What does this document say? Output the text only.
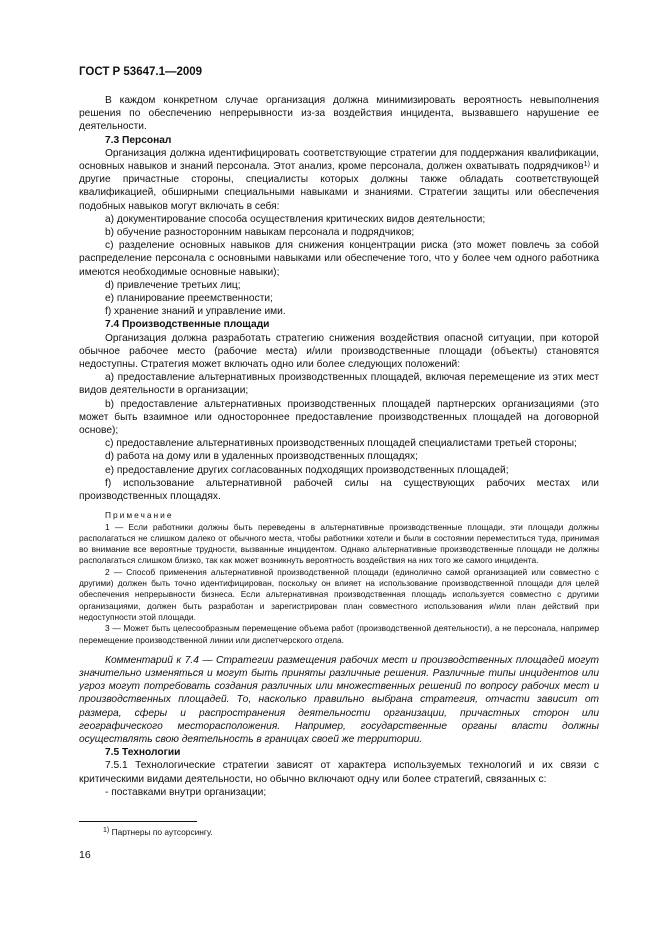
ГОСТ Р 53647.1—2009

В каждом конкретном случае организация должна минимизировать вероятность невыполнения решения по обеспечению непрерывности из-за воздействия инцидента, вызвавшего нарушение ее деятельности.

7.3 Персонал

Организация должна идентифицировать соответствующие стратегии для поддержания квалификации, основных навыков и знаний персонала. Этот анализ, кроме персонала, должен охватывать подрядчиков$^{1)}$ и другие причастные стороны, специалисты которых должны также обладать соответствующей квалификацией, обширными специальными навыками и знаниями. Стратегии защиты или обеспечения подобных навыков могут включать в себя:

a) документирование способа осуществления критических видов деятельности;

b) обучение разносторонним навыкам персонала и подрядчиков;

c) разделение основных навыков для снижения концентрации риска (это может повлечь за собой распределение персонала с основными навыками или обеспечение того, что у более чем одного работника имеются необходимые основные навыки);

d) привлечение третьих лиц;

e) планирование преемственности;

f) хранение знаний и управление ими.

7.4 Производственные площади

Организация должна разработать стратегию снижения воздействия опасной ситуации, при которой обычное рабочее место (рабочие места) и/или производственные площади (объекты) становятся недоступны. Стратегия может включать одно или более следующих положений:

a) предоставление альтернативных производственных площадей, включая перемещение из этих мест видов деятельности в организации;

b) предоставление альтернативных производственных площадей партнерских организациями (это может быть взаимное или одностороннее предоставление производственных площадей на договорной основе);

c) предоставление альтернативных производственных площадей специалистами третьей стороны;

d) работа на дому или в удаленных производственных площадях;

e) предоставление других согласованных подходящих производственных площадей;

f) использование альтернативной рабочей силы на существующих рабочих местах или производственных площадях.

Примечание

1 — Если работники должны быть переведены в альтернативные производственные площади, эти площади должны располагаться не слишком далеко от обычного места, чтобы работники хотели и были в состоянии переместиться туда, принимая во внимание все вероятные трудности, вызванные инцидентом. Однако альтернативные производственные площади не должны располагаться слишком близко, так как может возникнуть вероятность воздействия на них того же самого инцидента.

2 — Способ применения альтернативной производственной площади (единолично самой организацией или совместно с другими) должен быть точно идентифицирован, поскольку он влияет на использование производственной площади для целей обеспечения непрерывности бизнеса. Если альтернативная производственная площадь используется совместно с другими организациями, должен быть разработан и зарегистрирован план совместного использования и/или план действий при недоступности этой площади.

3 — Может быть целесообразным перемещение объема работ (производственной деятельности), а не персонала, например перемещение производственной линии или диспетчерского отдела.

Комментарий к 7.4 — Стратегии размещения рабочих мест и производственных площадей могут значительно изменяться и могут быть приняты различные решения. Различные типы инцидентов или угроз могут потребовать создания различных или множественных решений по вопросу рабочих мест и производственных площадей. То, насколько правильно выбрана стратегия, отчасти зависит от размера, сферы и распространения деятельности организации, причастных сторон или географического месторасположения. Например, государственные органы власти должны осуществлять свою деятельность в границах своей же территории.

7.5 Технологии

7.5.1 Технологические стратегии зависят от характера используемых технологий и их связи с критическими видами деятельности, но обычно включают одну или более стратегий, связанных с:

- поставками внутри организации;

$^{1)}$ Партнеры по аутсорсингу.
16
